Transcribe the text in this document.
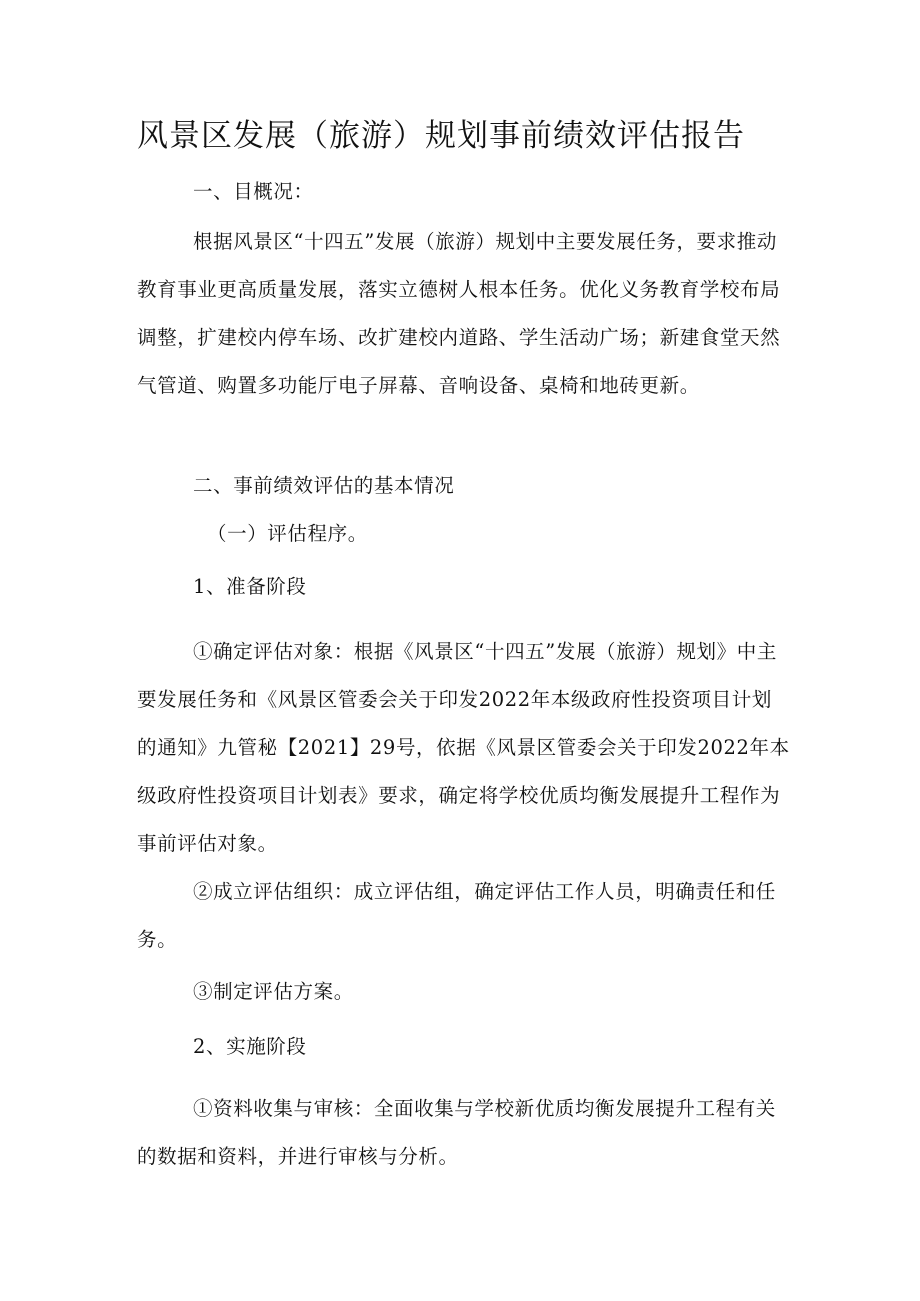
风景区发展（旅游）规划事前绩效评估报告

一、目概况：

根据风景区“十四五”发展（旅游）规划中主要发展任务，要求推动教育事业更高质量发展，落实立德树人根本任务。优化义务教育学校布局调整，扩建校内停车场、改扩建校内道路、学生活动广场；新建食堂天然气管道、购置多功能厅电子屏幕、音响设备、桌椅和地砖更新。

二、事前绩效评估的基本情况

（一）评估程序。

1、准备阶段

①确定评估对象：根据《风景区“十四五”发展（旅游）规划》中主要发展任务和《风景区管委会关于印发2022年本级政府性投资项目计划的通知》九管秘【2021】29号，依据《风景区管委会关于印发2022年本级政府性投资项目计划表》要求，确定将学校优质均衡发展提升工程作为事前评估对象。

②成立评估组织：成立评估组，确定评估工作人员，明确责任和任务。

③制定评估方案。

2、实施阶段

①资料收集与审核：全面收集与学校新优质均衡发展提升工程有关的数据和资料，并进行审核与分析。
